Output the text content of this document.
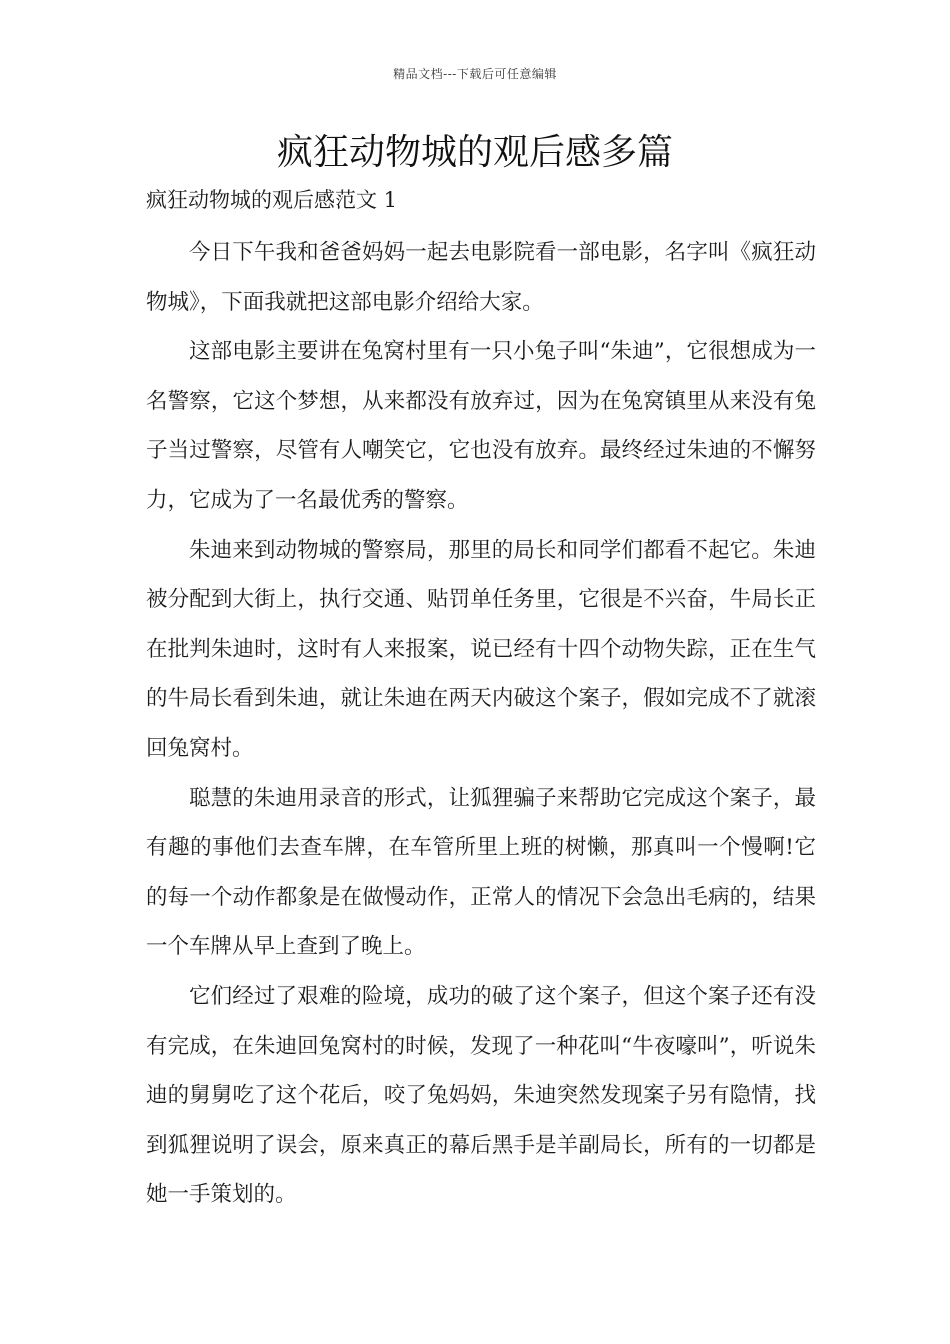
精品文档---下载后可任意编辑
疯狂动物城的观后感多篇
疯狂动物城的观后感范文 1

今日下午我和爸爸妈妈一起去电影院看一部电影，名字叫《疯狂动物城》，下面我就把这部电影介绍给大家。

这部电影主要讲在兔窝村里有一只小兔子叫“朱迪”，它很想成为一名警察，它这个梦想，从来都没有放弃过，因为在兔窝镇里从来没有兔子当过警察，尽管有人嘲笑它，它也没有放弃。最终经过朱迪的不懈努力，它成为了一名最优秀的警察。

朱迪来到动物城的警察局，那里的局长和同学们都看不起它。朱迪被分配到大街上，执行交通、贴罚单任务里，它很是不兴奋，牛局长正在批判朱迪时，这时有人来报案，说已经有十四个动物失踪，正在生气的牛局长看到朱迪，就让朱迪在两天内破这个案子，假如完成不了就滚回兔窝村。

聪慧的朱迪用录音的形式，让狐狸骗子来帮助它完成这个案子，最有趣的事他们去查车牌，在车管所里上班的树懒，那真叫一个慢啊!它的每一个动作都象是在做慢动作，正常人的情况下会急出毛病的，结果一个车牌从早上查到了晚上。

它们经过了艰难的险境，成功的破了这个案子，但这个案子还有没有完成，在朱迪回兔窝村的时候，发现了一种花叫“牛夜嚎叫”，听说朱迪的舅舅吃了这个花后，咬了兔妈妈，朱迪突然发现案子另有隐情，找到狐狸说明了误会，原来真正的幕后黑手是羊副局长，所有的一切都是她一手策划的。
